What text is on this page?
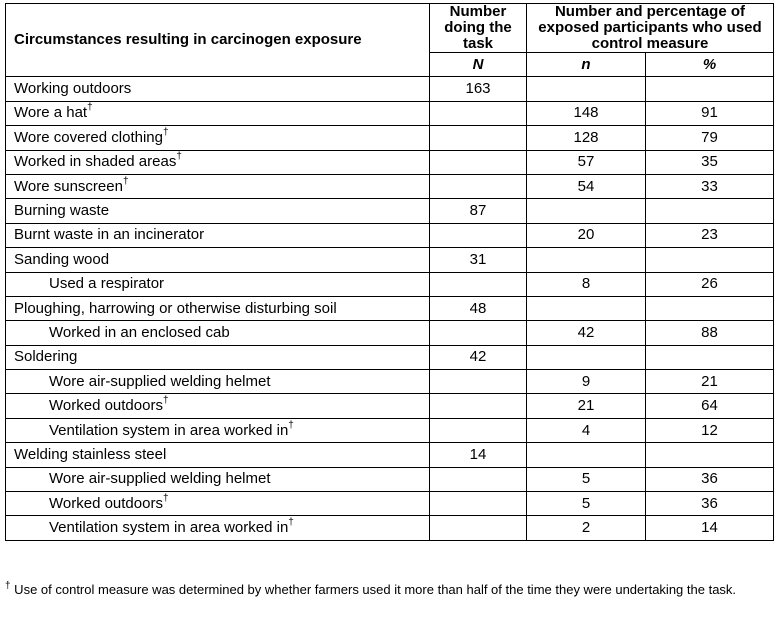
Circumstances resulting in carcinogen exposure	Number doing the task	Number and percentage of exposed participants who used control measure	
	N	n	%
Working outdoors	163		
Wore a hat†		148	91
Wore covered clothing†		128	79
Worked in shaded areas†		57	35
Wore sunscreen†		54	33
Burning waste	87		
Burnt waste in an incinerator		20	23
Sanding wood	31		
Used a respirator		8	26
Ploughing, harrowing or otherwise disturbing soil	48		
Worked in an enclosed cab		42	88
Soldering	42		
Wore air-supplied welding helmet		9	21
Worked outdoors†		21	64
Ventilation system in area worked in†		4	12
Welding stainless steel	14		
Wore air-supplied welding helmet		5	36
Worked outdoors†		5	36
Ventilation system in area worked in†		2	14
† Use of control measure was determined by whether farmers used it more than half of the time they were undertaking the task.
